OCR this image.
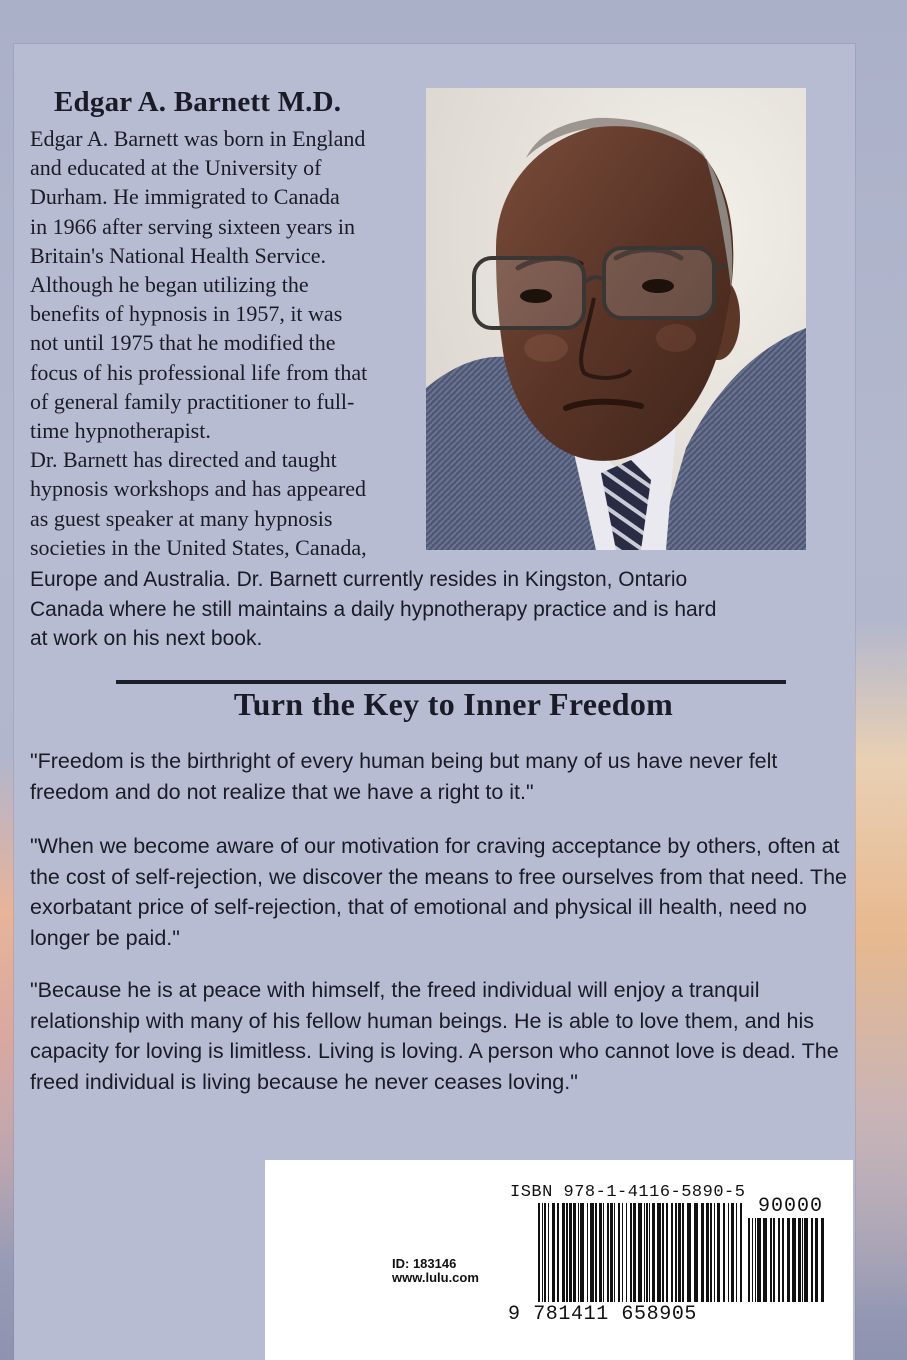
Edgar A. Barnett M.D.

Edgar A. Barnett was born in England
and educated at the University of
Durham. He immigrated to Canada
in 1966 after serving sixteen years in
Britain's National Health Service.
Although he began utilizing the
benefits of hypnosis in 1957, it was
not until 1975 that he modified the
focus of his professional life from that
of general family practitioner to full-
time hypnotherapist.
Dr. Barnett has directed and taught
hypnosis workshops and has appeared
as guest speaker at many hypnosis
societies in the United States, Canada,

Europe and Australia. Dr. Barnett currently resides in Kingston, Ontario
Canada where he still maintains a daily hypnotherapy practice and is hard
at work on his next book.

Turn the Key to Inner Freedom

"Freedom is the birthright of every human being but many of us have never felt freedom and do not realize that we have a right to it."

"When we become aware of our motivation for craving acceptance by others, often at the cost of self-rejection, we discover the means to free ourselves from that need. The exorbatant price of self-rejection, that of emotional and physical ill health, need no longer be paid."

"Because he is at peace with himself, the freed individual will enjoy a tranquil relationship with many of his fellow human beings. He is able to love them, and his capacity for loving is limitless. Living is loving. A person who cannot love is dead. The freed individual is living because he never ceases loving."

ISBN 978-1-4116-5890-5

90000

9 781411 658905

ID: 183146

www.lulu.com
